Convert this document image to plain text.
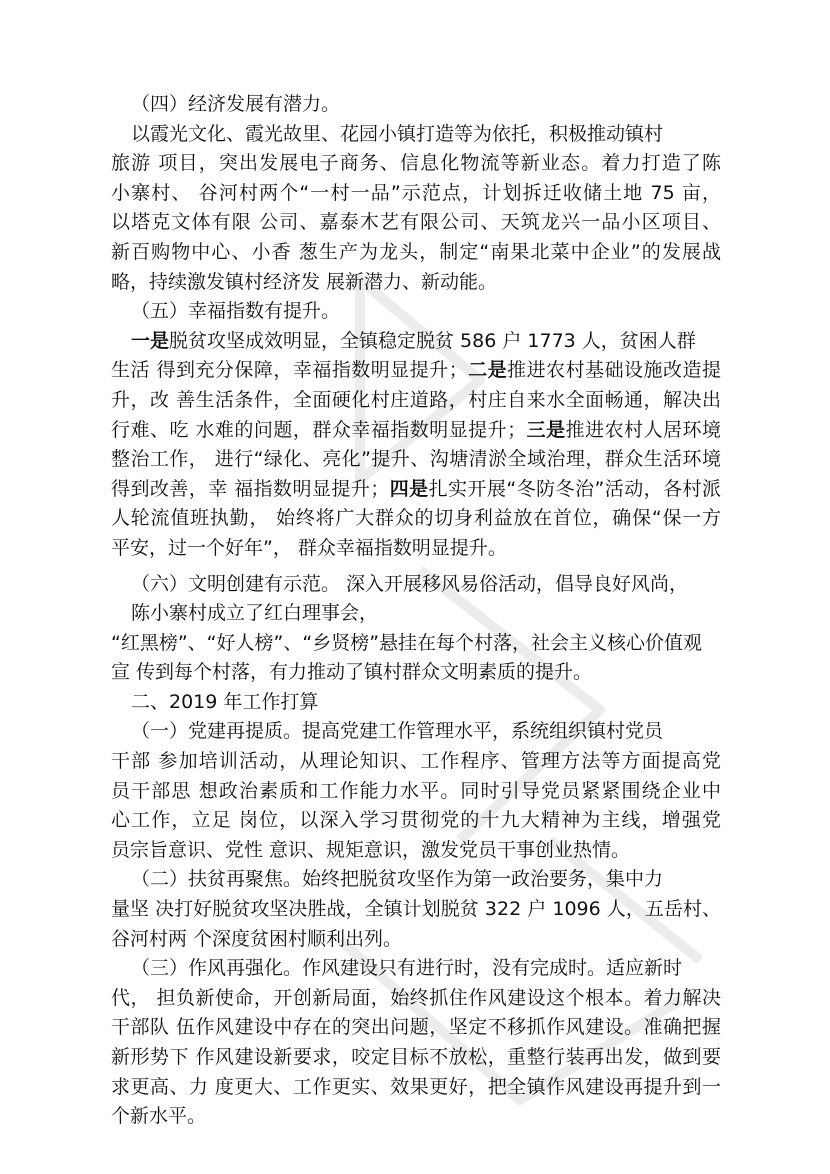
（四）经济发展有潜力。
以霞光文化、霞光故里、花园小镇打造等为依托，积极推动镇村
旅游 项目，突出发展电子商务、信息化物流等新业态。着力打造了陈
小寨村、 谷河村两个“一村一品”示范点，计划拆迁收储土地 75 亩，
以塔克文体有限 公司、嘉泰木艺有限公司、天筑龙兴一品小区项目、
新百购物中心、小香 葱生产为龙头，制定“南果北菜中企业”的发展战
略，持续激发镇村经济发 展新潜力、新动能。
（五）幸福指数有提升。
一是脱贫攻坚成效明显，全镇稳定脱贫 586 户 1773 人，贫困人群
生活 得到充分保障，幸福指数明显提升；二是推进农村基础设施改造提
升，改 善生活条件，全面硬化村庄道路，村庄自来水全面畅通，解决出
行难、吃 水难的问题，群众幸福指数明显提升；三是推进农村人居环境
整治工作， 进行“绿化、亮化”提升、沟塘清淤全域治理，群众生活环境
得到改善，幸 福指数明显提升；四是扎实开展“冬防冬治”活动，各村派
人轮流值班执勤， 始终将广大群众的切身利益放在首位，确保“保一方
平安，过一个好年”， 群众幸福指数明显提升。
（六）文明创建有示范。 深入开展移风易俗活动，倡导良好风尚，
陈小寨村成立了红白理事会，
“红黑榜”、“好人榜”、“乡贤榜”悬挂在每个村落，社会主义核心价值观
宣 传到每个村落，有力推动了镇村群众文明素质的提升。
二、2019 年工作打算
（一）党建再提质。提高党建工作管理水平，系统组织镇村党员
干部 参加培训活动，从理论知识、工作程序、管理方法等方面提高党
员干部思 想政治素质和工作能力水平。同时引导党员紧紧围绕企业中
心工作，立足 岗位，以深入学习贯彻党的十九大精神为主线，增强党
员宗旨意识、党性 意识、规矩意识，激发党员干事创业热情。
（二）扶贫再聚焦。始终把脱贫攻坚作为第一政治要务，集中力
量坚 决打好脱贫攻坚决胜战，全镇计划脱贫 322 户 1096 人，五岳村、
谷河村两 个深度贫困村顺利出列。
（三）作风再强化。作风建设只有进行时，没有完成时。适应新时
代， 担负新使命，开创新局面，始终抓住作风建设这个根本。着力解决
干部队 伍作风建设中存在的突出问题，坚定不移抓作风建设。准确把握
新形势下 作风建设新要求，咬定目标不放松，重整行装再出发，做到要
求更高、力 度更大、工作更实、效果更好，把全镇作风建设再提升到一
个新水平。
